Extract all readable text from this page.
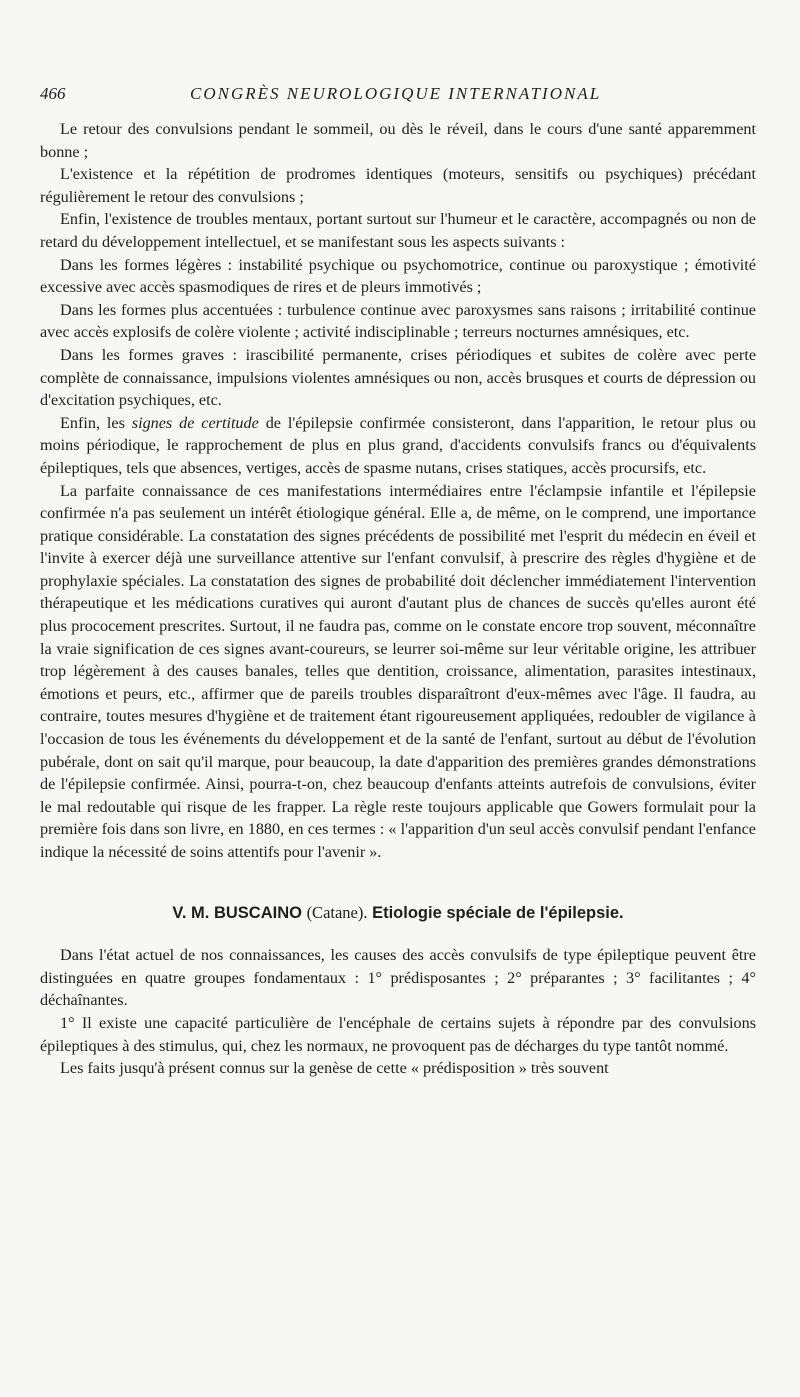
466	CONGRÈS NEUROLOGIQUE INTERNATIONAL

Le retour des convulsions pendant le sommeil, ou dès le réveil, dans le cours d'une santé apparemment bonne ;

L'existence et la répétition de prodromes identiques (moteurs, sensitifs ou psychiques) précédant régulièrement le retour des convulsions ;

Enfin, l'existence de troubles mentaux, portant surtout sur l'humeur et le caractère, accompagnés ou non de retard du développement intellectuel, et se manifestant sous les aspects suivants :

Dans les formes légères : instabilité psychique ou psychomotrice, continue ou paroxystique ; émotivité excessive avec accès spasmodiques de rires et de pleurs immotivés ;

Dans les formes plus accentuées : turbulence continue avec paroxysmes sans raisons ; irritabilité continue avec accès explosifs de colère violente ; activité indisciplinable ; terreurs nocturnes amnésiques, etc.

Dans les formes graves : irascibilité permanente, crises périodiques et subites de colère avec perte complète de connaissance, impulsions violentes amnésiques ou non, accès brusques et courts de dépression ou d'excitation psychiques, etc.

Enfin, les signes de certitude de l'épilepsie confirmée consisteront, dans l'apparition, le retour plus ou moins périodique, le rapprochement de plus en plus grand, d'accidents convulsifs francs ou d'équivalents épileptiques, tels que absences, vertiges, accès de spasme nutans, crises statiques, accès procursifs, etc.

La parfaite connaissance de ces manifestations intermédiaires entre l'éclampsie infantile et l'épilepsie confirmée n'a pas seulement un intérêt étiologique général. Elle a, de même, on le comprend, une importance pratique considérable. La constatation des signes précédents de possibilité met l'esprit du médecin en éveil et l'invite à exercer déjà une surveillance attentive sur l'enfant convulsif, à prescrire des règles d'hygiène et de prophylaxie spéciales. La constatation des signes de probabilité doit déclencher immédiatement l'intervention thérapeutique et les médications curatives qui auront d'autant plus de chances de succès qu'elles auront été plus prococement prescrites. Surtout, il ne faudra pas, comme on le constate encore trop souvent, méconnaître la vraie signification de ces signes avant-coureurs, se leurrer soi-même sur leur véritable origine, les attribuer trop légèrement à des causes banales, telles que dentition, croissance, alimentation, parasites intestinaux, émotions et peurs, etc., affirmer que de pareils troubles disparaîtront d'eux-mêmes avec l'âge. Il faudra, au contraire, toutes mesures d'hygiène et de traitement étant rigoureusement appliquées, redoubler de vigilance à l'occasion de tous les événements du développement et de la santé de l'enfant, surtout au début de l'évolution pubérale, dont on sait qu'il marque, pour beaucoup, la date d'apparition des premières grandes démonstrations de l'épilepsie confirmée. Ainsi, pourra-t-on, chez beaucoup d'enfants atteints autrefois de convulsions, éviter le mal redoutable qui risque de les frapper. La règle reste toujours applicable que Gowers formulait pour la première fois dans son livre, en 1880, en ces termes : « l'apparition d'un seul accès convulsif pendant l'enfance indique la nécessité de soins attentifs pour l'avenir ».

V. M. BUSCAINO (Catane). Etiologie spéciale de l'épilepsie.

Dans l'état actuel de nos connaissances, les causes des accès convulsifs de type épileptique peuvent être distinguées en quatre groupes fondamentaux : 1° prédisposantes ; 2° préparantes ; 3° facilitantes ; 4° déchaînantes.

1° Il existe une capacité particulière de l'encéphale de certains sujets à répondre par des convulsions épileptiques à des stimulus, qui, chez les normaux, ne provoquent pas de décharges du type tantôt nommé.

Les faits jusqu'à présent connus sur la genèse de cette « prédisposition » très souvent
